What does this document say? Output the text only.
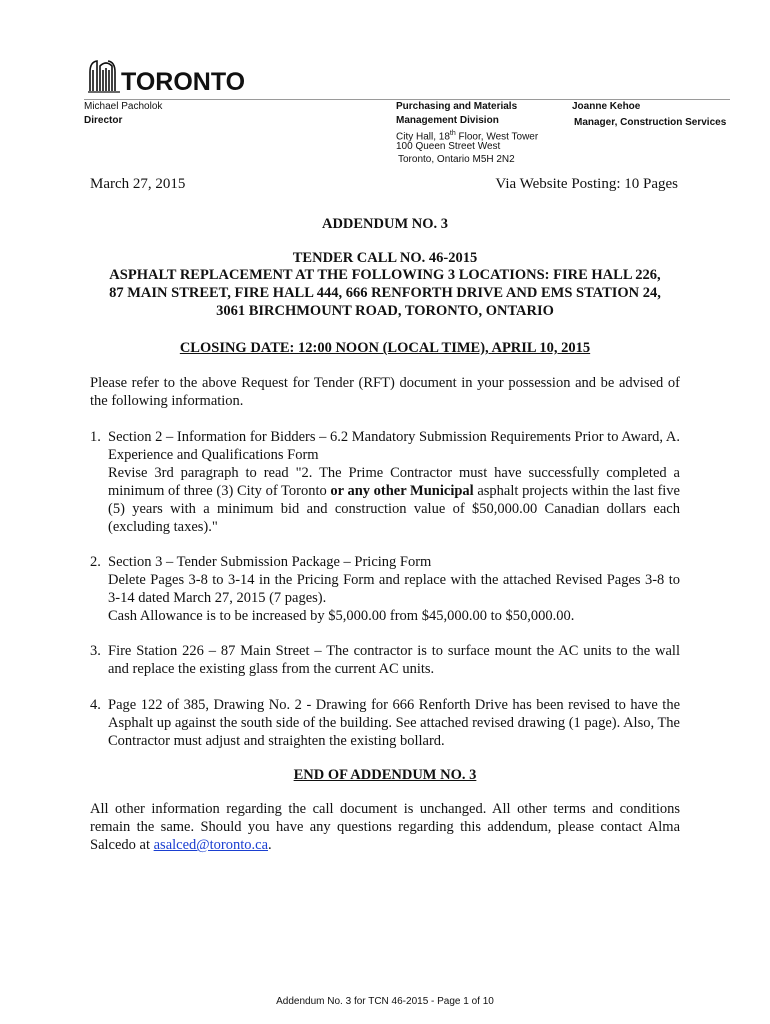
TORONTO
Michael Pacholok
Director
Purchasing and Materials
Management Division
City Hall, 18th Floor, West Tower
100 Queen Street West
Toronto, Ontario M5H 2N2
Joanne Kehoe
Manager, Construction Services
March 27, 2015	Via Website Posting: 10 Pages
ADDENDUM NO. 3
TENDER CALL NO. 46-2015
ASPHALT REPLACEMENT AT THE FOLLOWING 3 LOCATIONS: FIRE HALL 226,
87 MAIN STREET, FIRE HALL 444, 666 RENFORTH DRIVE AND EMS STATION 24,
3061 BIRCHMOUNT ROAD, TORONTO, ONTARIO
CLOSING DATE: 12:00 NOON (LOCAL TIME), APRIL 10, 2015
Please refer to the above Request for Tender (RFT) document in your possession and be advised of the following information.
1. Section 2 – Information for Bidders – 6.2 Mandatory Submission Requirements Prior to Award, A. Experience and Qualifications Form
Revise 3rd paragraph to read "2. The Prime Contractor must have successfully completed a minimum of three (3) City of Toronto or any other Municipal asphalt projects within the last five (5) years with a minimum bid and construction value of $50,000.00 Canadian dollars each (excluding taxes)."
2. Section 3 – Tender Submission Package – Pricing Form
Delete Pages 3-8 to 3-14 in the Pricing Form and replace with the attached Revised Pages 3-8 to 3-14 dated March 27, 2015 (7 pages).
Cash Allowance is to be increased by $5,000.00 from $45,000.00 to $50,000.00.
3. Fire Station 226 – 87 Main Street – The contractor is to surface mount the AC units to the wall and replace the existing glass from the current AC units.
4. Page 122 of 385, Drawing No. 2 - Drawing for 666 Renforth Drive has been revised to have the Asphalt up against the south side of the building. See attached revised drawing (1 page). Also, The Contractor must adjust and straighten the existing bollard.
END OF ADDENDUM NO. 3
All other information regarding the call document is unchanged. All other terms and conditions remain the same. Should you have any questions regarding this addendum, please contact Alma Salcedo at asalced@toronto.ca.
Addendum No. 3 for TCN 46-2015 - Page 1 of 10
